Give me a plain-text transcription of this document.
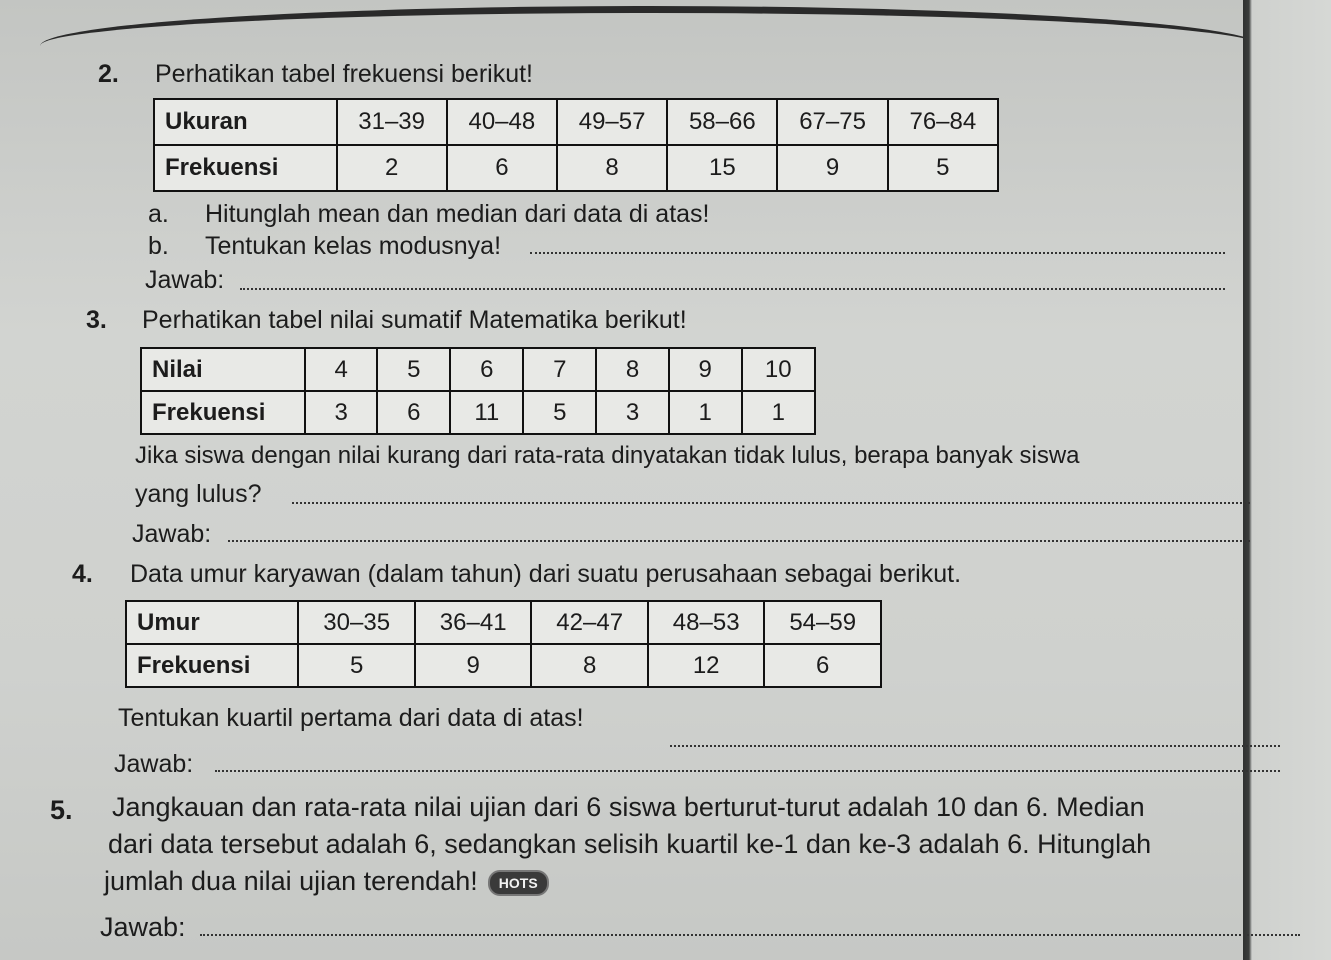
2. Perhatikan tabel frekuensi berikut!
Ukuran	31–39	40–48	49–57	58–66	67–75	76–84
Frekuensi	2	6	8	15	9	5
a. Hitunglah mean dan median dari data di atas!
b. Tentukan kelas modusnya!
Jawab:
3. Perhatikan tabel nilai sumatif Matematika berikut!
Nilai	4	5	6	7	8	9	10
Frekuensi	3	6	11	5	3	1	1
Jika siswa dengan nilai kurang dari rata-rata dinyatakan tidak lulus, berapa banyak siswa
yang lulus?
Jawab:
4. Data umur karyawan (dalam tahun) dari suatu perusahaan sebagai berikut.
Umur	30–35	36–41	42–47	48–53	54–59
Frekuensi	5	9	8	12	6
Tentukan kuartil pertama dari data di atas!
Jawab:
5. Jangkauan dan rata-rata nilai ujian dari 6 siswa berturut-turut adalah 10 dan 6. Median
dari data tersebut adalah 6, sedangkan selisih kuartil ke-1 dan ke-3 adalah 6. Hitunglah
jumlah dua nilai ujian terendah! HOTS
Jawab:
